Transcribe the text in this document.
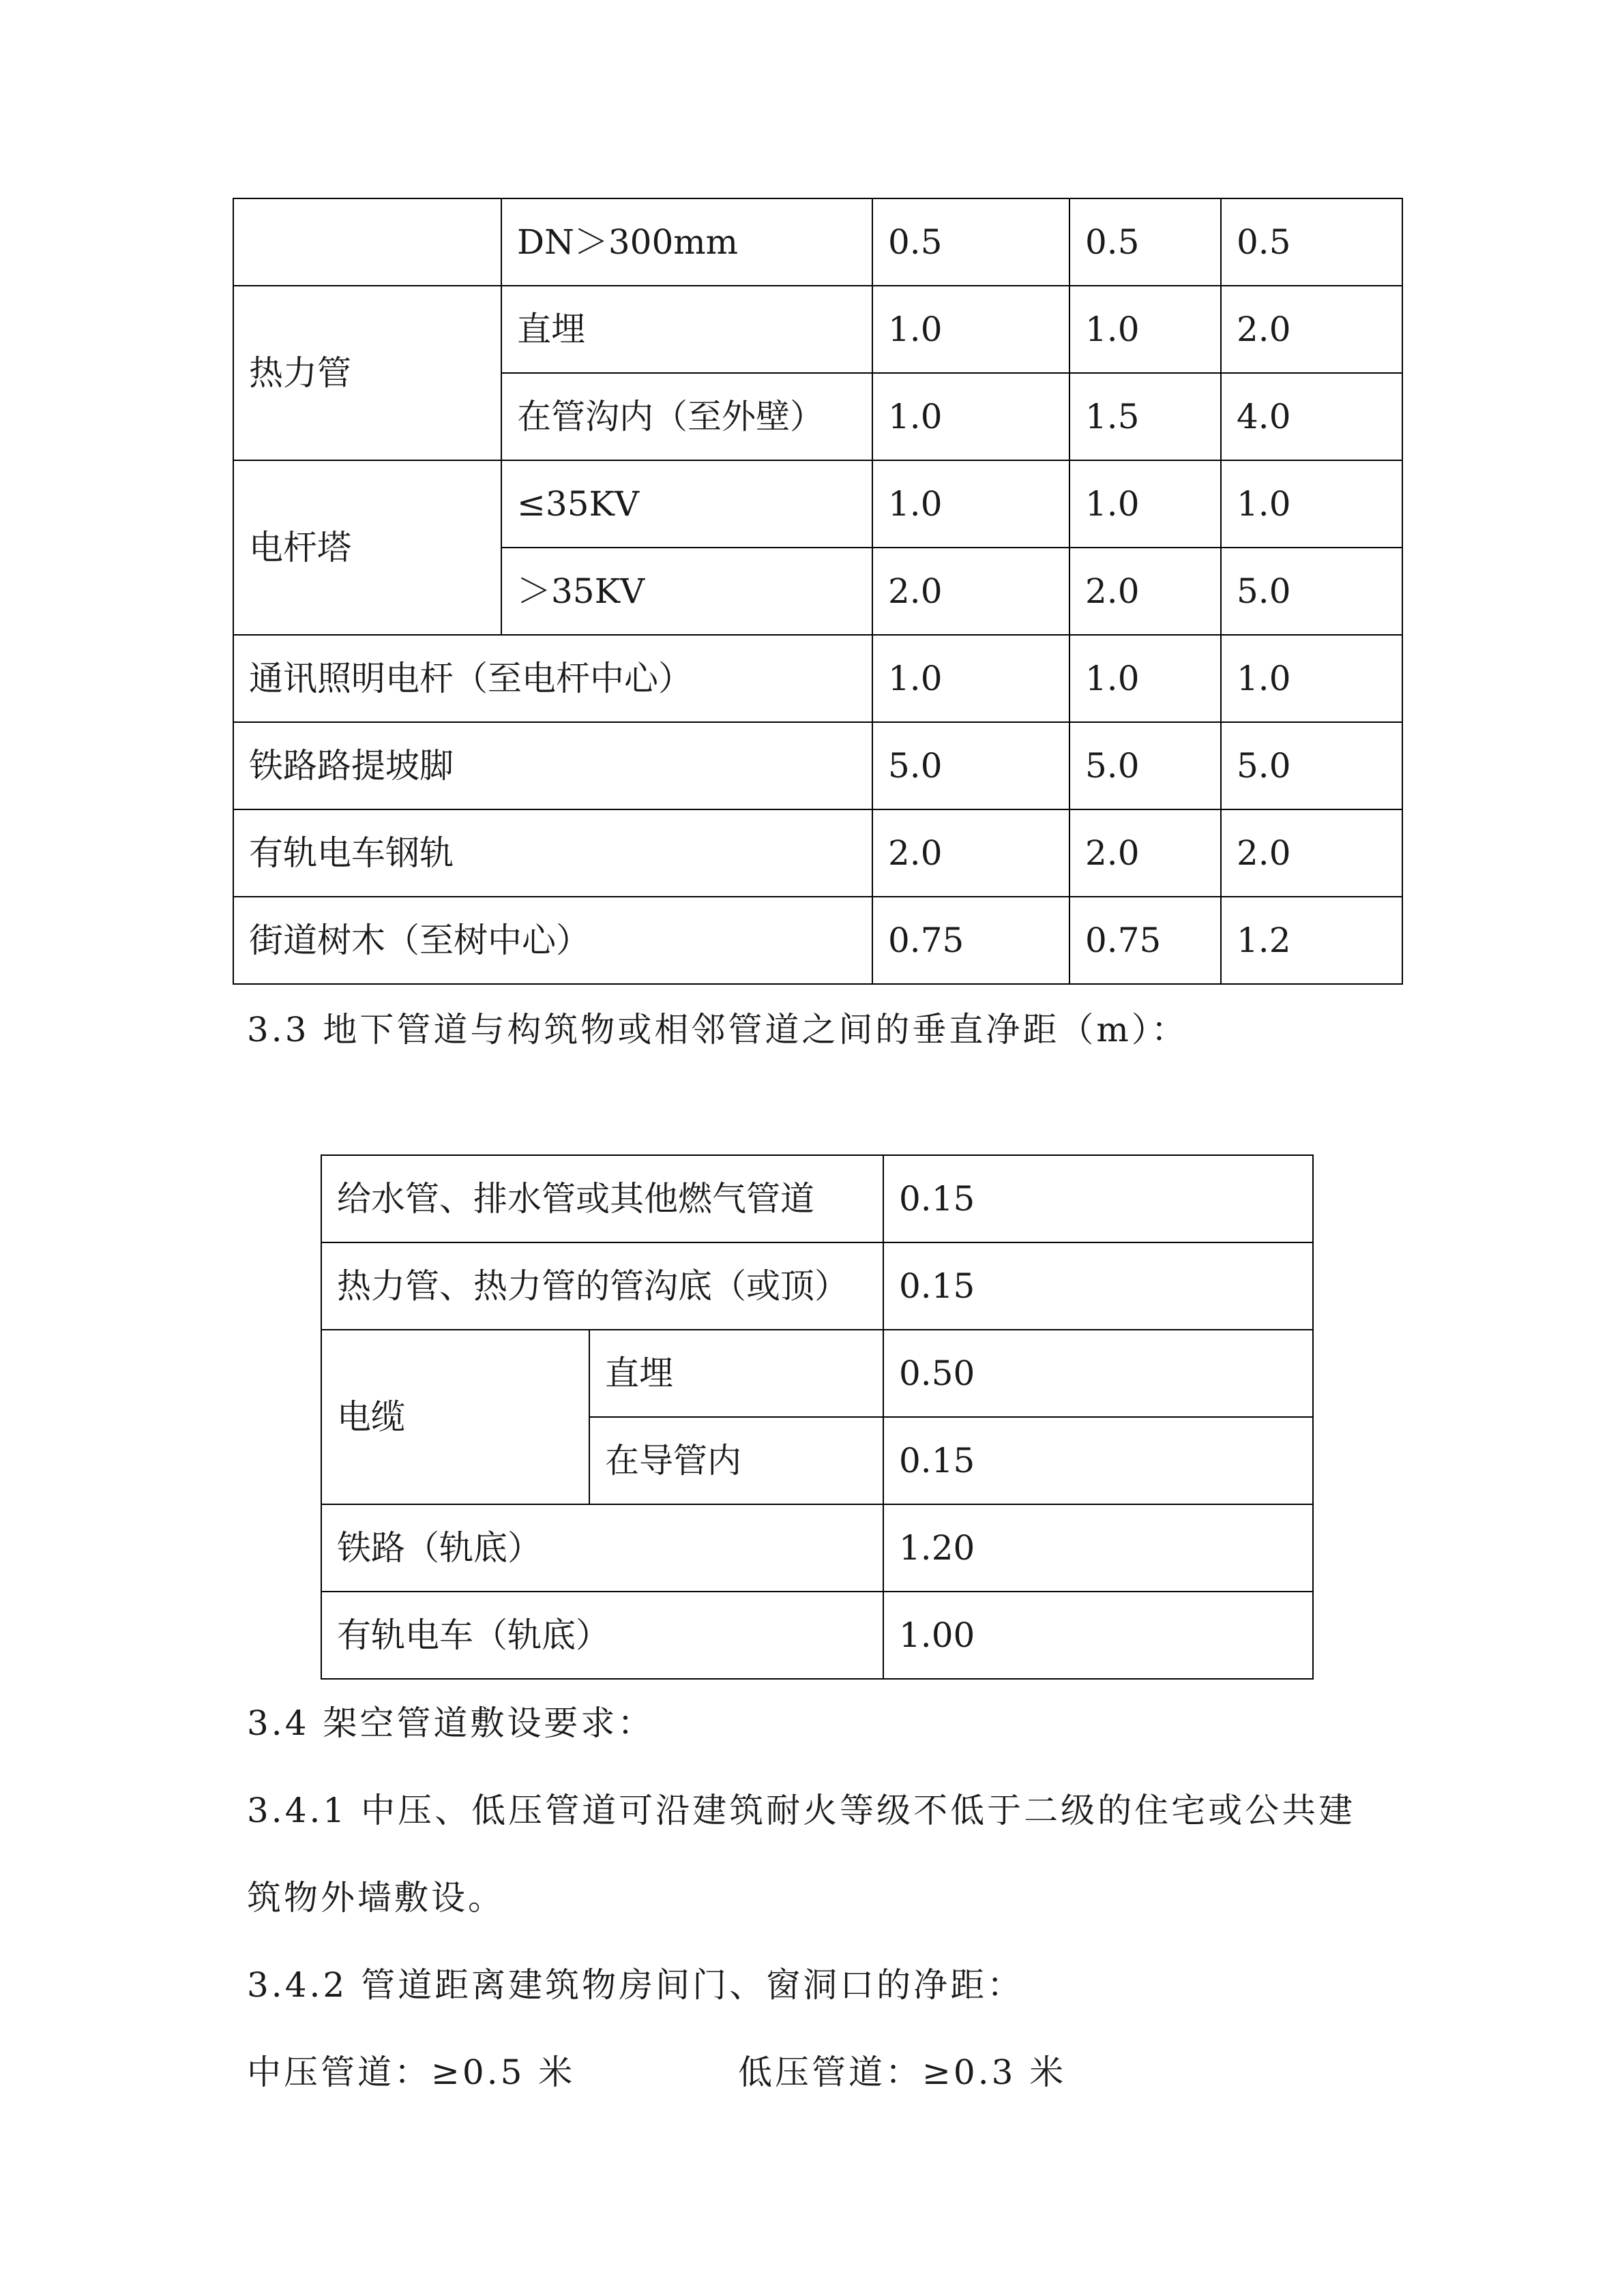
	DN＞300mm	0.5	0.5	0.5
热力管	直埋	1.0	1.0	2.0
	在管沟内（至外壁）	1.0	1.5	4.0
电杆塔	≤35KV	1.0	1.0	1.0
	＞35KV	2.0	2.0	5.0
通讯照明电杆（至电杆中心）		1.0	1.0	1.0
铁路路提坡脚		5.0	5.0	5.0
有轨电车钢轨		2.0	2.0	2.0
街道树木（至树中心）		0.75	0.75	1.2

3.3 地下管道与构筑物或相邻管道之间的垂直净距（m）：

给水管、排水管或其他燃气管道		0.15
热力管、热力管的管沟底（或顶）		0.15
电缆	直埋	0.50
	在导管内	0.15
铁路（轨底）		1.20
有轨电车（轨底）		1.00

3.4 架空管道敷设要求：

3.4.1 中压、低压管道可沿建筑耐火等级不低于二级的住宅或公共建

筑物外墙敷设。

3.4.2 管道距离建筑物房间门、窗洞口的净距：

中压管道：≥0.5 米	低压管道：≥0.3 米
